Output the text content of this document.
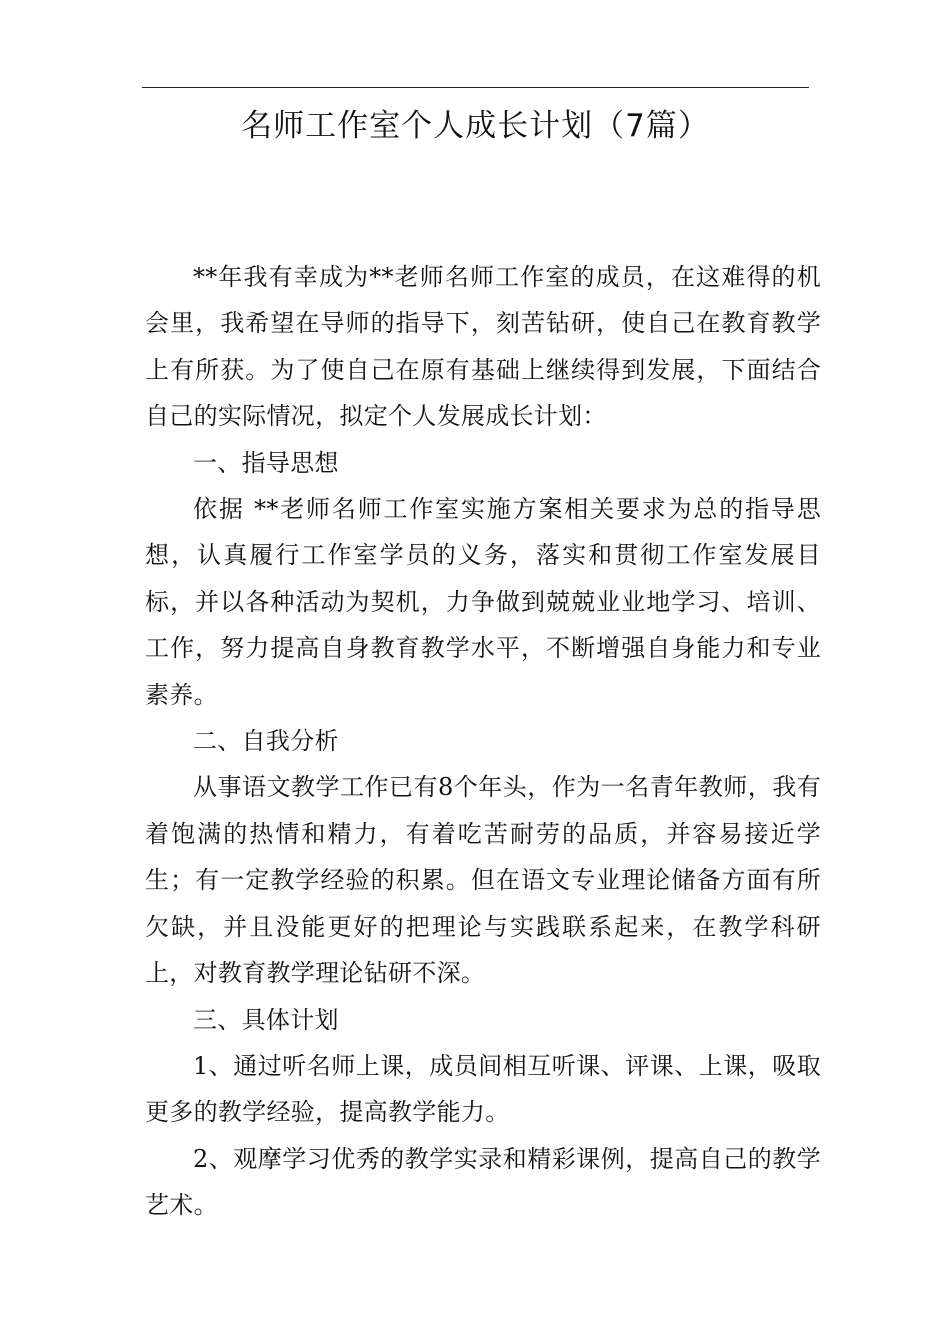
名师工作室个人成长计划（7篇）

**年我有幸成为**老师名师工作室的成员，在这难得的机会里，我希望在导师的指导下，刻苦钻研，使自己在教育教学上有所获。为了使自己在原有基础上继续得到发展，下面结合自己的实际情况，拟定个人发展成长计划：

一、指导思想

依据 **老师名师工作室实施方案相关要求为总的指导思想，认真履行工作室学员的义务，落实和贯彻工作室发展目标，并以各种活动为契机，力争做到兢兢业业地学习、培训、工作，努力提高自身教育教学水平，不断增强自身能力和专业素养。

二、自我分析

从事语文教学工作已有8个年头，作为一名青年教师，我有着饱满的热情和精力，有着吃苦耐劳的品质，并容易接近学生；有一定教学经验的积累。但在语文专业理论储备方面有所欠缺，并且没能更好的把理论与实践联系起来，在教学科研上，对教育教学理论钻研不深。

三、具体计划

1、通过听名师上课，成员间相互听课、评课、上课，吸取更多的教学经验，提高教学能力。

2、观摩学习优秀的教学实录和精彩课例，提高自己的教学艺术。
